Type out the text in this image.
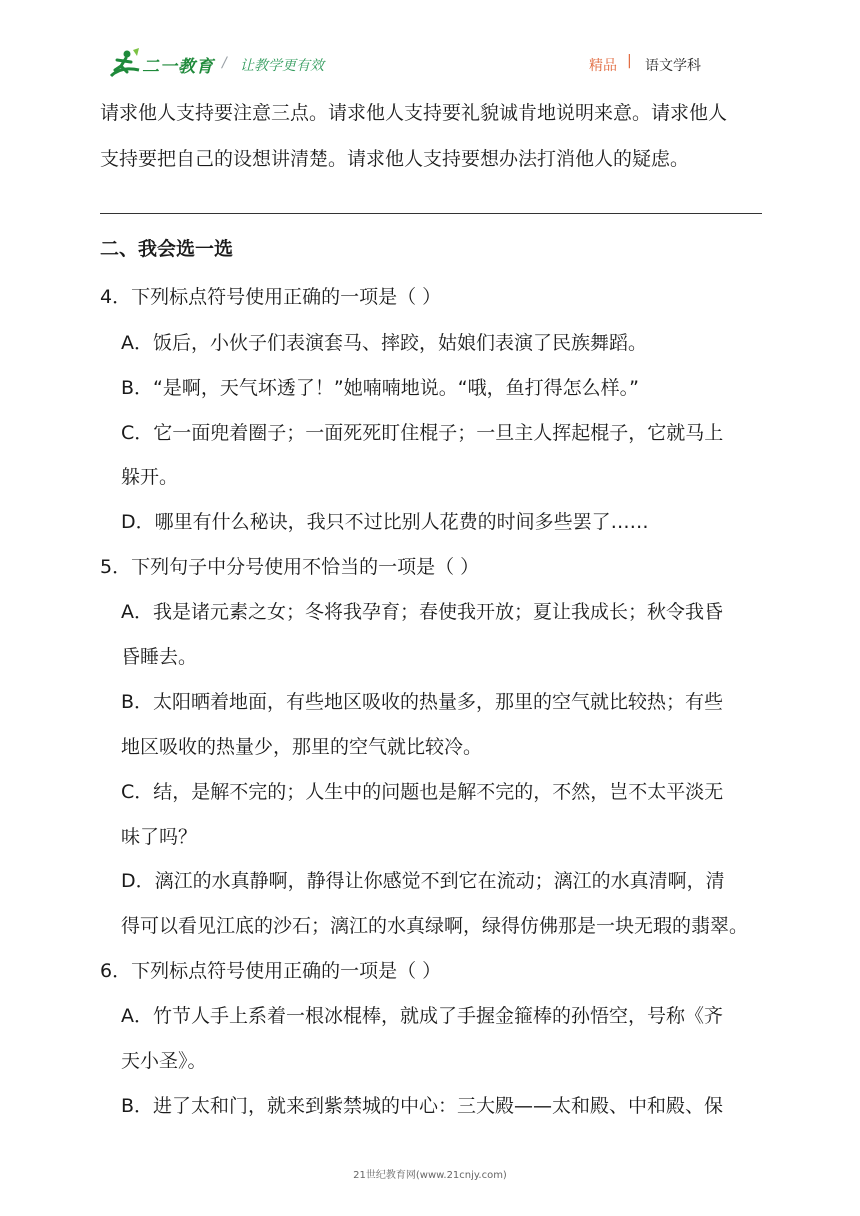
二一教育 / 让教学更有效	精品 | 语文学科
请求他人支持要注意三点。请求他人支持要礼貌诚肯地说明来意。请求他人
支持要把自己的设想讲清楚。请求他人支持要想办法打消他人的疑虑。
二、我会选一选
4．下列标点符号使用正确的一项是（ ）
A．饭后，小伙子们表演套马、摔跤，姑娘们表演了民族舞蹈。
B．“是啊，天气坏透了！”她喃喃地说。“哦，鱼打得怎么样。”
C．它一面兜着圈子；一面死死盯住棍子；一旦主人挥起棍子，它就马上
躲开。
D．哪里有什么秘诀，我只不过比别人花费的时间多些罢了……
5．下列句子中分号使用不恰当的一项是（ ）
A．我是诸元素之女；冬将我孕育；春使我开放；夏让我成长；秋令我昏
昏睡去。
B．太阳晒着地面，有些地区吸收的热量多，那里的空气就比较热；有些
地区吸收的热量少，那里的空气就比较冷。
C．结，是解不完的；人生中的问题也是解不完的，不然，岂不太平淡无
味了吗？
D．漓江的水真静啊，静得让你感觉不到它在流动；漓江的水真清啊，清
得可以看见江底的沙石；漓江的水真绿啊，绿得仿佛那是一块无瑕的翡翠。
6．下列标点符号使用正确的一项是（ ）
A．竹节人手上系着一根冰棍棒，就成了手握金箍棒的孙悟空，号称《齐
天小圣》。
B．进了太和门，就来到紫禁城的中心：三大殿——太和殿、中和殿、保
21世纪教育网(www.21cnjy.com)
